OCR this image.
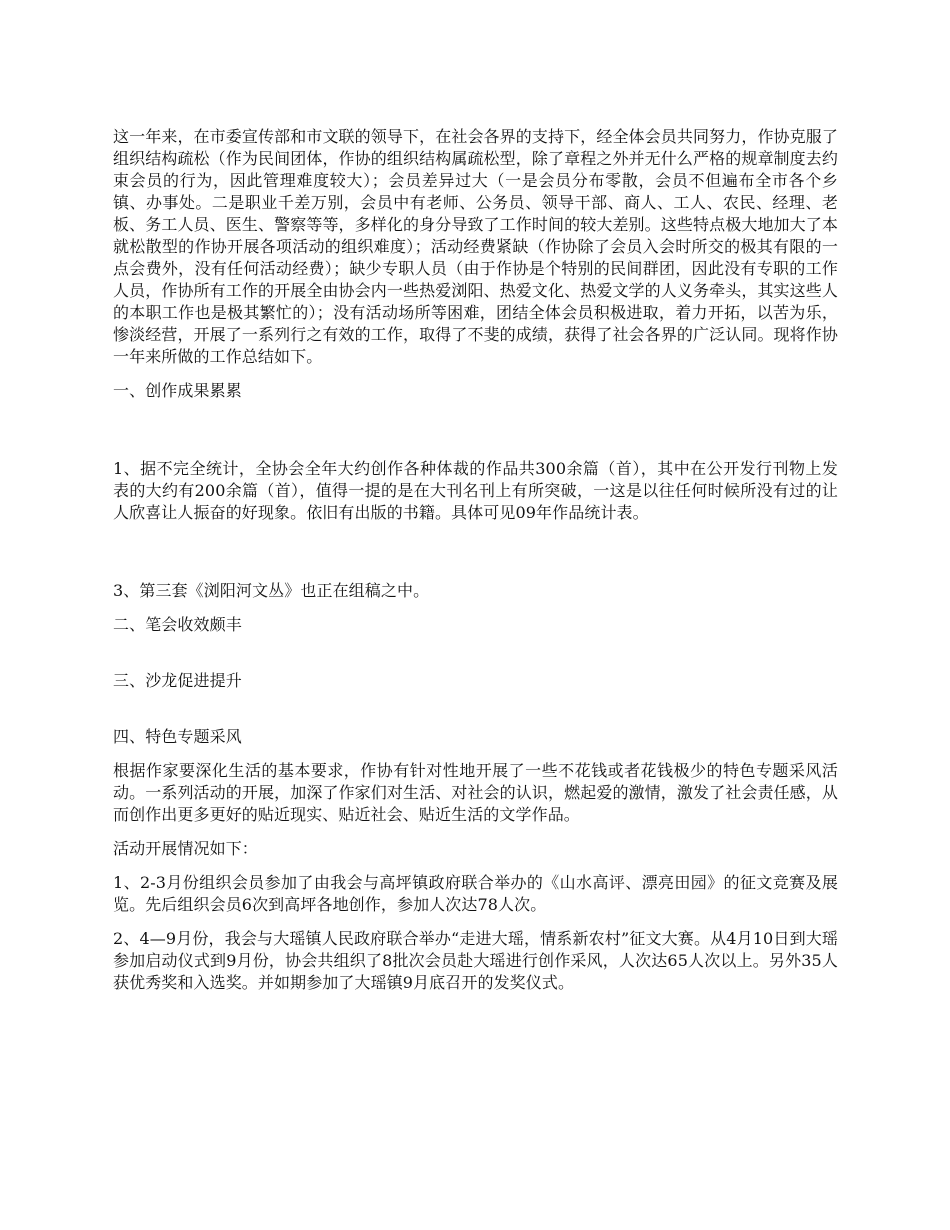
这一年来，在市委宣传部和市文联的领导下，在社会各界的支持下，经全体会员共同努力，作协克服了组织结构疏松（作为民间团体，作协的组织结构属疏松型，除了章程之外并无什么严格的规章制度去约束会员的行为，因此管理难度较大）；会员差异过大（一是会员分布零散，会员不但遍布全市各个乡镇、办事处。二是职业千差万别，会员中有老师、公务员、领导干部、商人、工人、农民、经理、老板、务工人员、医生、警察等等，多样化的身分导致了工作时间的较大差别。这些特点极大地加大了本就松散型的作协开展各项活动的组织难度）；活动经费紧缺（作协除了会员入会时所交的极其有限的一点会费外，没有任何活动经费）；缺少专职人员（由于作协是个特别的民间群团，因此没有专职的工作人员，作协所有工作的开展全由协会内一些热爱浏阳、热爱文化、热爱文学的人义务牵头，其实这些人的本职工作也是极其繁忙的）；没有活动场所等困难，团结全体会员积极进取，着力开拓，以苦为乐，惨淡经营，开展了一系列行之有效的工作，取得了不斐的成绩，获得了社会各界的广泛认同。现将作协一年来所做的工作总结如下。

一、创作成果累累

1、据不完全统计，全协会全年大约创作各种体裁的作品共300余篇（首），其中在公开发行刊物上发表的大约有200余篇（首），值得一提的是在大刊名刊上有所突破，一这是以往任何时候所没有过的让人欣喜让人振奋的好现象。依旧有出版的书籍。具体可见09年作品统计表。

3、第三套《浏阳河文丛》也正在组稿之中。

二、笔会收效颇丰

三、沙龙促进提升

四、特色专题采风

根据作家要深化生活的基本要求，作协有针对性地开展了一些不花钱或者花钱极少的特色专题采风活动。一系列活动的开展，加深了作家们对生活、对社会的认识，燃起爱的激情，激发了社会责任感，从而创作出更多更好的贴近现实、贴近社会、贴近生活的文学作品。

活动开展情况如下：

1、2-3月份组织会员参加了由我会与高坪镇政府联合举办的《山水高评、漂亮田园》的征文竞赛及展览。先后组织会员6次到高坪各地创作，参加人次达78人次。

2、4—9月份，我会与大瑶镇人民政府联合举办“走进大瑶，情系新农村”征文大赛。从4月10日到大瑶参加启动仪式到9月份，协会共组织了8批次会员赴大瑶进行创作采风，人次达65人次以上。另外35人获优秀奖和入选奖。并如期参加了大瑶镇9月底召开的发奖仪式。
